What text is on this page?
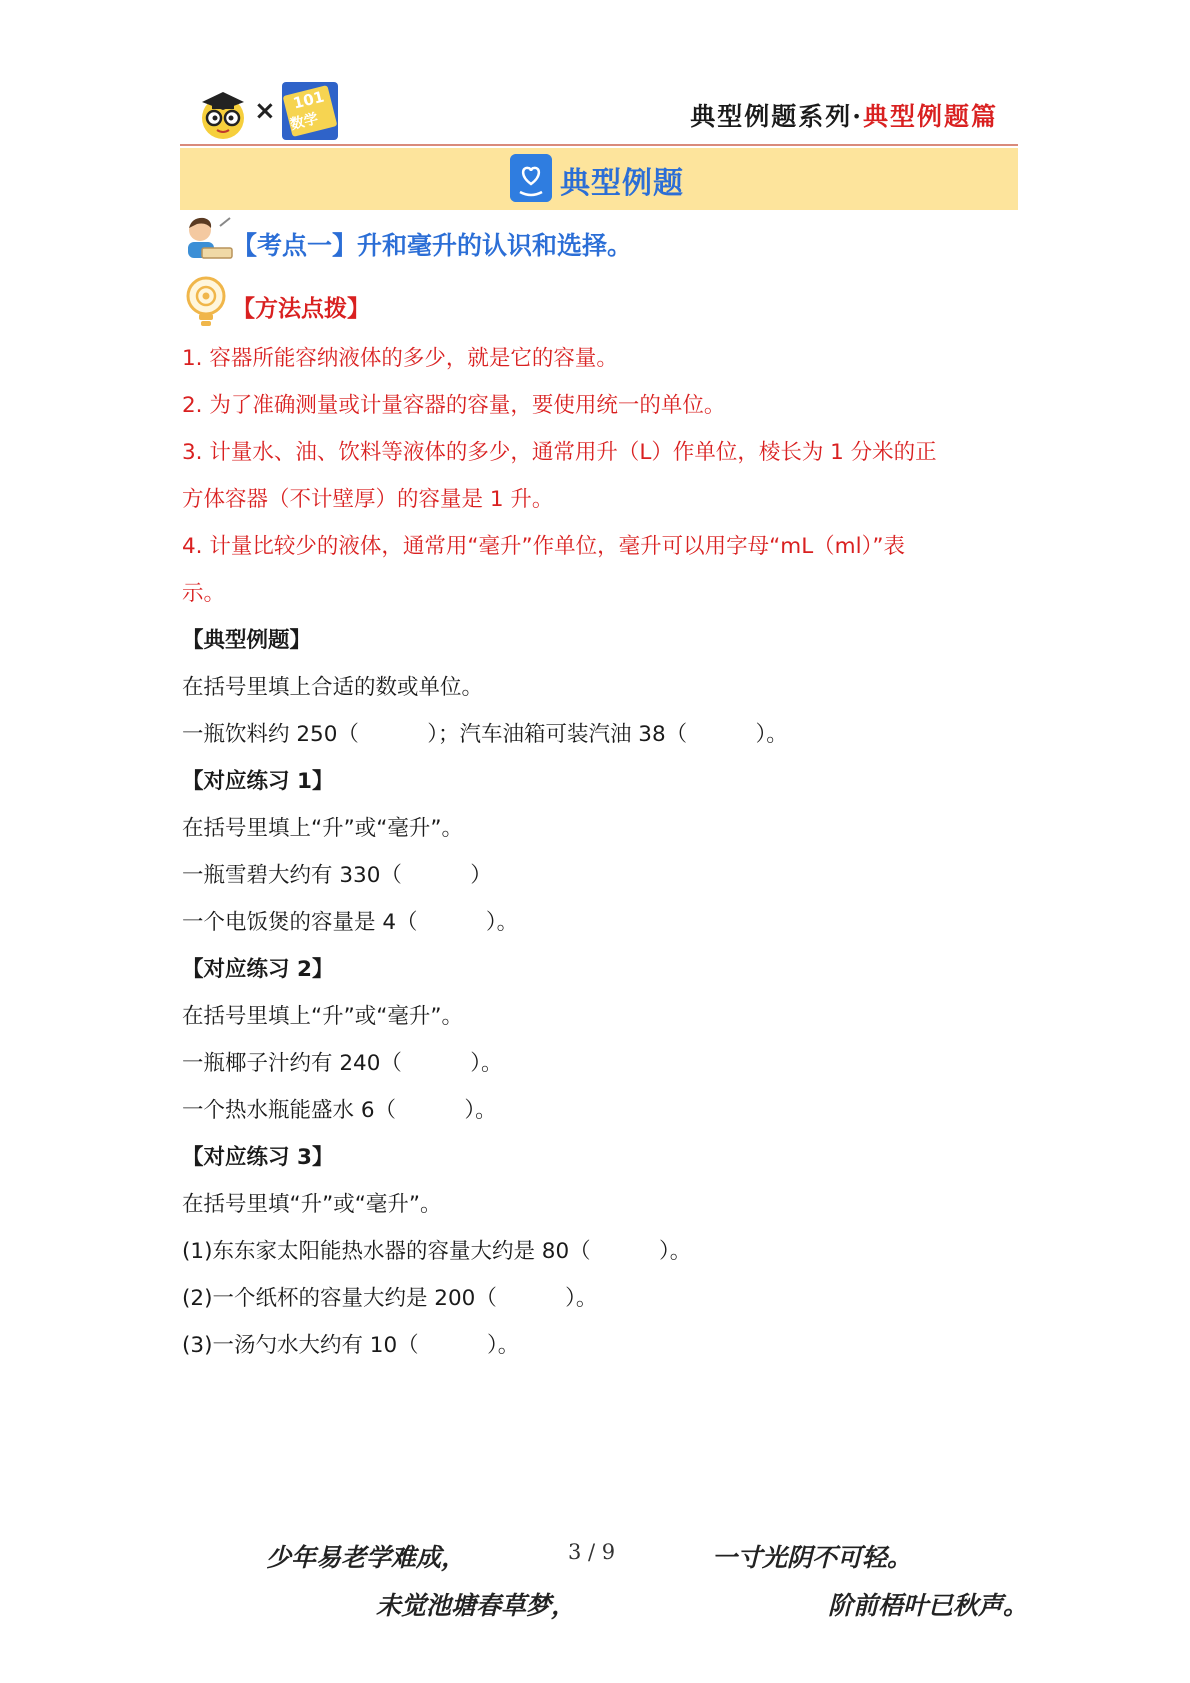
× 101
数学	典型例题系列·典型例题篇
典型例题
【考点一】升和毫升的认识和选择。
【方法点拨】
1. 容器所能容纳液体的多少，就是它的容量。
2. 为了准确测量或计量容器的容量，要使用统一的单位。
3. 计量水、油、饮料等液体的多少，通常用升（L）作单位，棱长为 1 分米的正
方体容器（不计壁厚）的容量是 1 升。
4. 计量比较少的液体，通常用“毫升”作单位，毫升可以用字母“mL（ml）”表
示。
【典型例题】
在括号里填上合适的数或单位。
一瓶饮料约 250（          ）；汽车油箱可装汽油 38（          ）。
【对应练习 1】
在括号里填上“升”或“毫升”。
一瓶雪碧大约有 330（          ）
一个电饭煲的容量是 4（          ）。
【对应练习 2】
在括号里填上“升”或“毫升”。
一瓶椰子汁约有 240（          ）。
一个热水瓶能盛水 6（          ）。
【对应练习 3】
在括号里填“升”或“毫升”。
(1)东东家太阳能热水器的容量大约是 80（          ）。
(2)一个纸杯的容量大约是 200（          ）。
(3)一汤勺水大约有 10（          ）。
少年易老学难成，	3 / 9	一寸光阴不可轻。
未觉池塘春草梦，	阶前梧叶已秋声。
